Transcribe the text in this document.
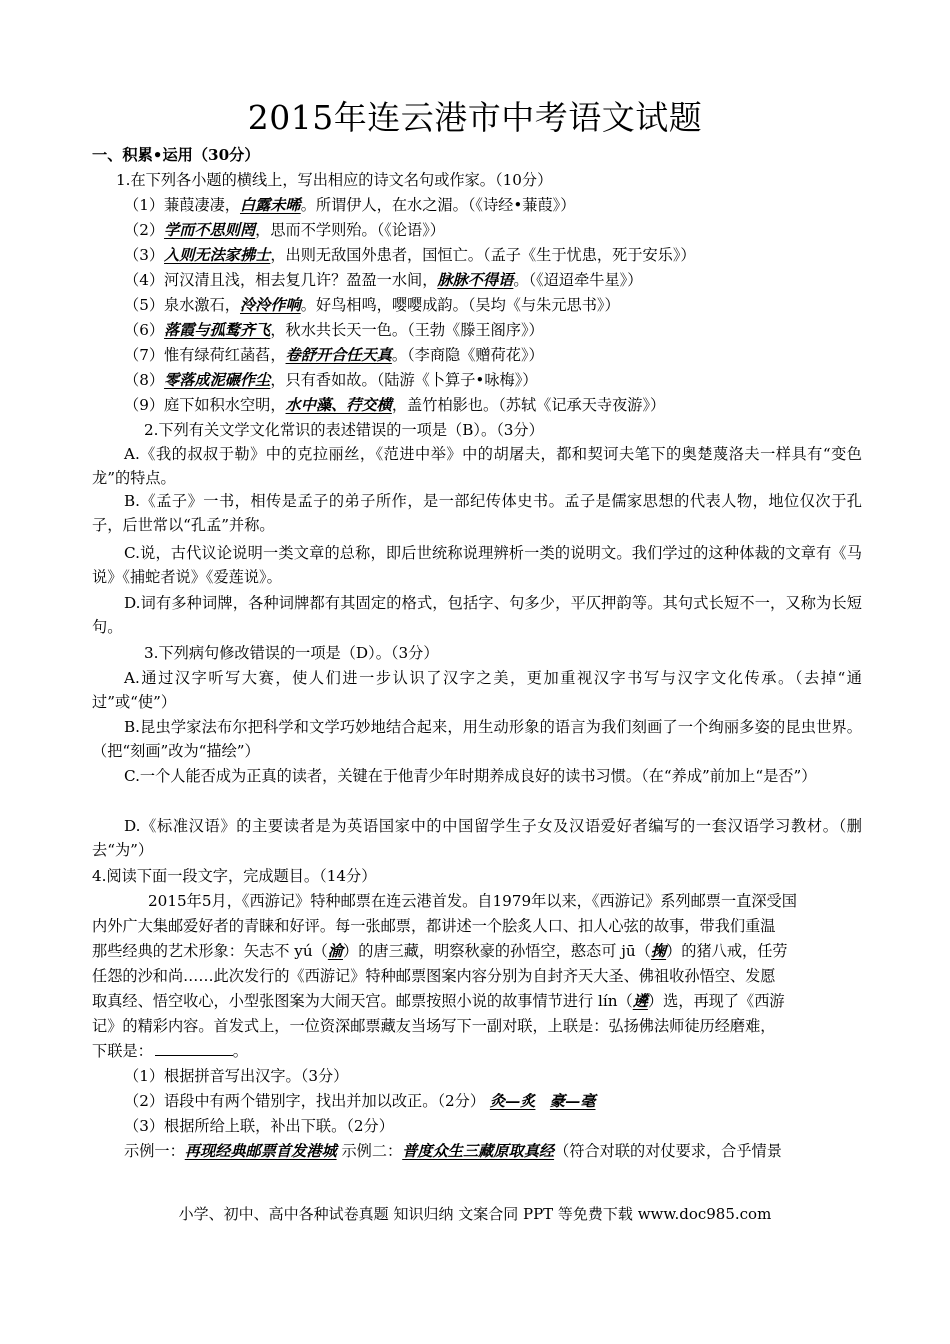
2015年连云港市中考语文试题
一、积累•运用（30分）
1.在下列各小题的横线上，写出相应的诗文名句或作家。（10分）
（1）蒹葭凄凄，白露未晞。所谓伊人，在水之湄。（《诗经•蒹葭》）
（2）学而不思则罔，思而不学则殆。（《论语》）
（3）入则无法家拂士，出则无敌国外患者，国恒亡。（孟子《生于忧患，死于安乐》）
（4）河汉清且浅，相去复几许？盈盈一水间，脉脉不得语。（《迢迢牵牛星》）
（5）泉水激石，泠泠作响。好鸟相鸣，嘤嘤成韵。（吴均《与朱元思书》）
（6）落霞与孤鹜齐飞，秋水共长天一色。（王勃《滕王阁序》）
（7）惟有绿荷红菡萏，卷舒开合任天真。（李商隐《赠荷花》）
（8）零落成泥碾作尘，只有香如故。（陆游《卜算子•咏梅》）
（9）庭下如积水空明，水中藻、荇交横，盖竹柏影也。（苏轼《记承天寺夜游》）
2.下列有关文学文化常识的表述错误的一项是（B）。（3分）
A.《我的叔叔于勒》中的克拉丽丝，《范进中举》中的胡屠夫，都和契诃夫笔下的奥楚蔑洛夫一样具有“变色龙”的特点。
B.《孟子》一书，相传是孟子的弟子所作，是一部纪传体史书。孟子是儒家思想的代表人物，地位仅次于孔子，后世常以“孔孟”并称。
C.说，古代议论说明一类文章的总称，即后世统称说理辨析一类的说明文。我们学过的这种体裁的文章有《马说》《捕蛇者说》《爱莲说》。
D.词有多种词牌，各种词牌都有其固定的格式，包括字、句多少，平仄押韵等。其句式长短不一，又称为长短句。
3.下列病句修改错误的一项是（D）。（3分）
A.通过汉字听写大赛，使人们进一步认识了汉字之美，更加重视汉字书写与汉字文化传承。（去掉“通过”或“使”）
B.昆虫学家法布尔把科学和文学巧妙地结合起来，用生动形象的语言为我们刻画了一个绚丽多姿的昆虫世界。（把“刻画”改为“描绘”）
C.一个人能否成为正真的读者，关键在于他青少年时期养成良好的读书习惯。（在“养成”前加上“是否”）
D.《标准汉语》的主要读者是为英语国家中的中国留学生子女及汉语爱好者编写的一套汉语学习教材。（删去“为”）
4.阅读下面一段文字，完成题目。（14分）
2015年5月，《西游记》特种邮票在连云港首发。自1979年以来，《西游记》系列邮票一直深受国
内外广大集邮爱好者的青睐和好评。每一张邮票，都讲述一个脍炙人口、扣人心弦的故事，带我们重温
那些经典的艺术形象：矢志不 yú（渝）的唐三藏，明察秋豪的孙悟空，憨态可 jū（掬）的猪八戒，任劳
任怨的沙和尚……此次发行的《西游记》特种邮票图案内容分别为自封齐天大圣、佛祖收孙悟空、发愿
取真经、悟空收心，小型张图案为大闹天宫。邮票按照小说的故事情节进行 lín（遴）选，再现了《西游
记》的精彩内容。首发式上，一位资深邮票藏友当场写下一副对联，上联是：弘扬佛法师徒历经磨难，
下联是：	。
（1）根据拼音写出汉字。（3分）
（2）语段中有两个错别字，找出并加以改正。（2分） 灸—炙 豪—毫
（3）根据所给上联，补出下联。（2分）
示例一：再现经典邮票首发港城 示例二：普度众生三藏原取真经（符合对联的对仗要求，合乎情景
小学、初中、高中各种试卷真题 知识归纳 文案合同 PPT 等免费下载 www.doc985.com
